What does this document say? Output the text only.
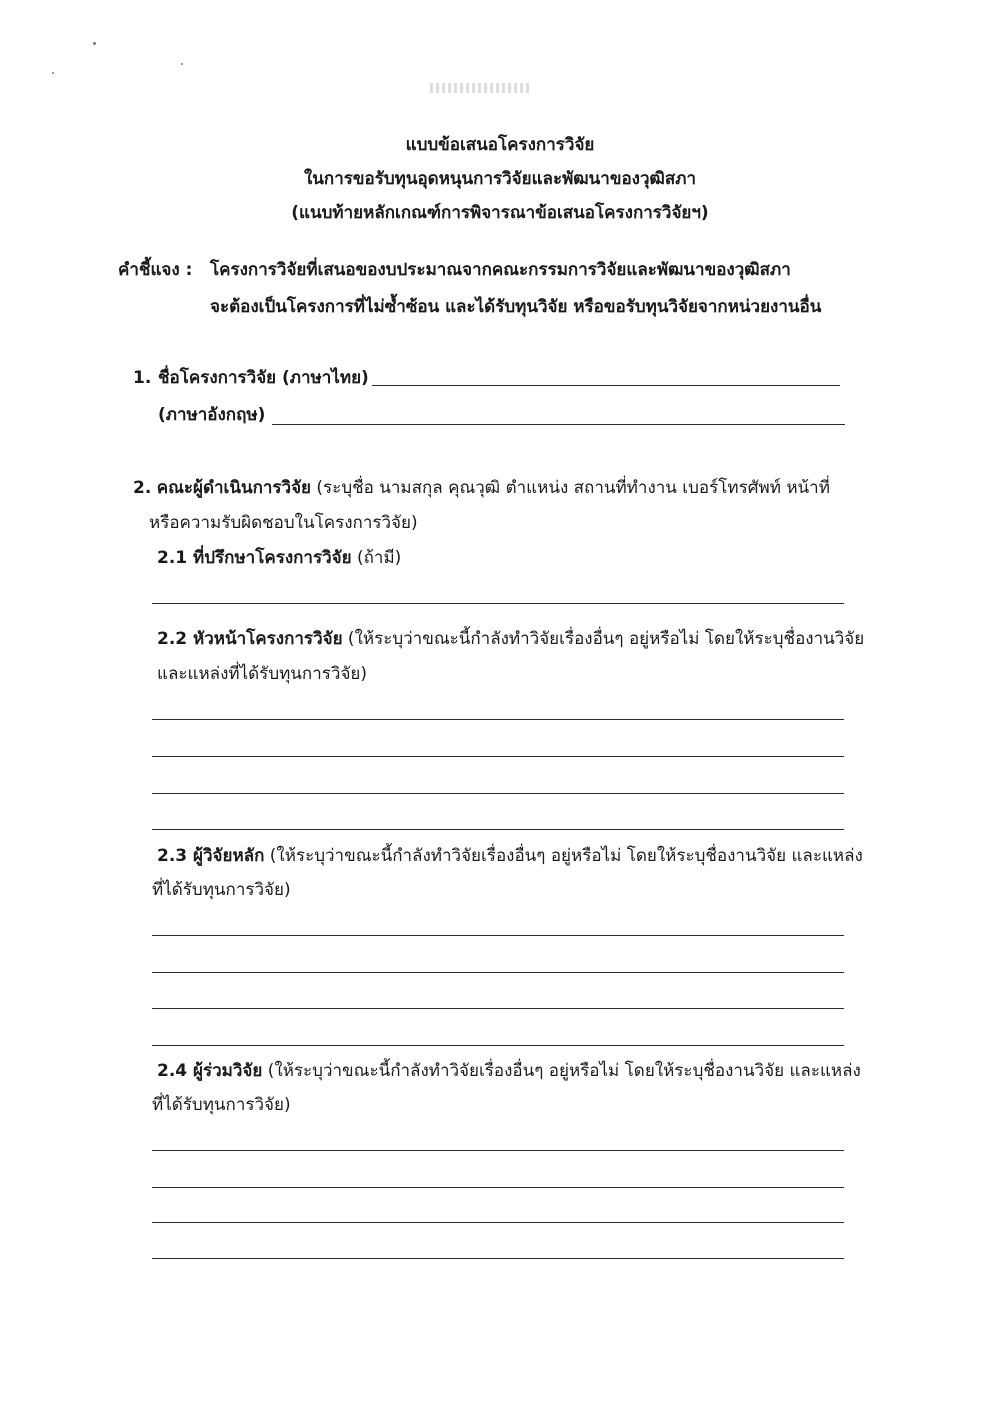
แบบข้อเสนอโครงการวิจัย
ในการขอรับทุนอุดหนุนการวิจัยและพัฒนาของวุฒิสภา
(แนบท้ายหลักเกณฑ์การพิจารณาข้อเสนอโครงการวิจัยฯ)
คำชี้แจง : โครงการวิจัยที่เสนอของบประมาณจากคณะกรรมการวิจัยและพัฒนาของวุฒิสภา
จะต้องเป็นโครงการที่ไม่ซ้ำซ้อน และได้รับทุนวิจัย หรือขอรับทุนวิจัยจากหน่วยงานอื่น
1. ชื่อโครงการวิจัย (ภาษาไทย)
(ภาษาอังกฤษ)
2. คณะผู้ดำเนินการวิจัย (ระบุชื่อ นามสกุล คุณวุฒิ ตำแหน่ง สถานที่ทำงาน เบอร์โทรศัพท์ หน้าที่
หรือความรับผิดชอบในโครงการวิจัย)
2.1 ที่ปรึกษาโครงการวิจัย (ถ้ามี)
2.2 หัวหน้าโครงการวิจัย (ให้ระบุว่าขณะนี้กำลังทำวิจัยเรื่องอื่นๆ อยู่หรือไม่ โดยให้ระบุชื่องานวิจัย
และแหล่งที่ได้รับทุนการวิจัย)
2.3 ผู้วิจัยหลัก (ให้ระบุว่าขณะนี้กำลังทำวิจัยเรื่องอื่นๆ อยู่หรือไม่ โดยให้ระบุชื่องานวิจัย และแหล่ง
ที่ได้รับทุนการวิจัย)
2.4 ผู้ร่วมวิจัย (ให้ระบุว่าขณะนี้กำลังทำวิจัยเรื่องอื่นๆ อยู่หรือไม่ โดยให้ระบุชื่องานวิจัย และแหล่ง
ที่ได้รับทุนการวิจัย)
